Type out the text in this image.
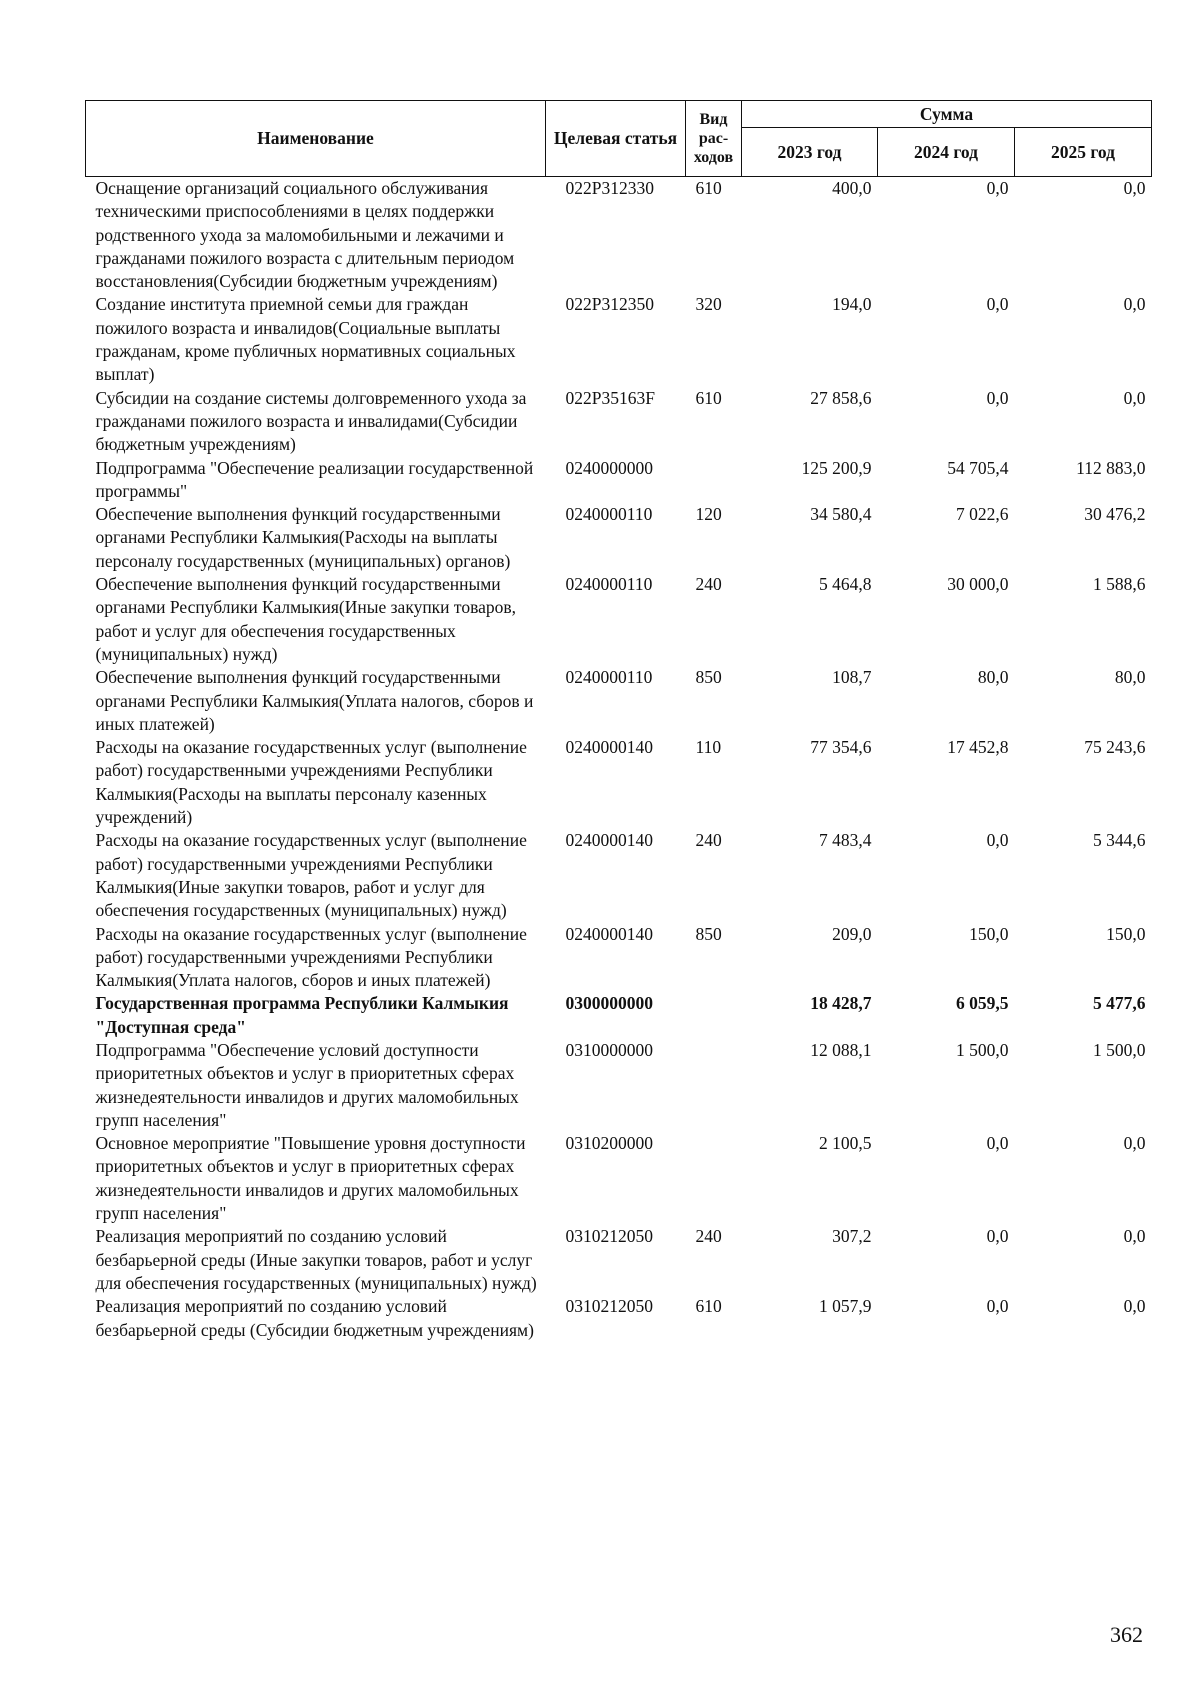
Наименование	Целевая статья	Вид рас-ходов	Сумма		
			2023 год	2024 год	2025 год
Оснащение организаций социального обслуживания техническими приспособлениями в целях поддержки родственного ухода за маломобильными и лежачими и гражданами пожилого возраста с длительным периодом восстановления(Субсидии бюджетным учреждениям)	022P312330	610	400,0	0,0	0,0
Создание института приемной семьи для граждан пожилого возраста и инвалидов(Социальные выплаты гражданам, кроме публичных нормативных социальных выплат)	022P312350	320	194,0	0,0	0,0
Субсидии на создание системы долговременного ухода за гражданами пожилого возраста и инвалидами(Субсидии бюджетным учреждениям)	022P35163F	610	27 858,6	0,0	0,0
Подпрограмма "Обеспечение реализации государственной программы"	0240000000		125 200,9	54 705,4	112 883,0
Обеспечение выполнения функций государственными органами Республики Калмыкия(Расходы на выплаты персоналу государственных (муниципальных) органов)	0240000110	120	34 580,4	7 022,6	30 476,2
Обеспечение выполнения функций государственными органами Республики Калмыкия(Иные закупки товаров, работ и услуг для обеспечения государственных (муниципальных) нужд)	0240000110	240	5 464,8	30 000,0	1 588,6
Обеспечение выполнения функций государственными органами Республики Калмыкия(Уплата налогов, сборов и иных платежей)	0240000110	850	108,7	80,0	80,0
Расходы на оказание государственных услуг (выполнение работ) государственными учреждениями Республики Калмыкия(Расходы на выплаты персоналу казенных учреждений)	0240000140	110	77 354,6	17 452,8	75 243,6
Расходы на оказание государственных услуг (выполнение работ) государственными учреждениями Республики Калмыкия(Иные закупки товаров, работ и услуг для обеспечения государственных (муниципальных) нужд)	0240000140	240	7 483,4	0,0	5 344,6
Расходы на оказание государственных услуг (выполнение работ) государственными учреждениями Республики Калмыкия(Уплата налогов, сборов и иных платежей)	0240000140	850	209,0	150,0	150,0
Государственная программа Республики Калмыкия "Доступная среда"	0300000000		18 428,7	6 059,5	5 477,6
Подпрограмма "Обеспечение условий доступности приоритетных объектов и услуг в приоритетных сферах жизнедеятельности инвалидов и других маломобильных групп населения"	0310000000		12 088,1	1 500,0	1 500,0
Основное мероприятие "Повышение уровня доступности приоритетных объектов и услуг в приоритетных сферах жизнедеятельности инвалидов и других маломобильных групп населения"	0310200000		2 100,5	0,0	0,0
Реализация мероприятий по созданию условий безбарьерной среды (Иные закупки товаров, работ и услуг для обеспечения государственных (муниципальных) нужд)	0310212050	240	307,2	0,0	0,0
Реализация мероприятий по созданию условий безбарьерной среды (Субсидии бюджетным учреждениям)	0310212050	610	1 057,9	0,0	0,0
362
